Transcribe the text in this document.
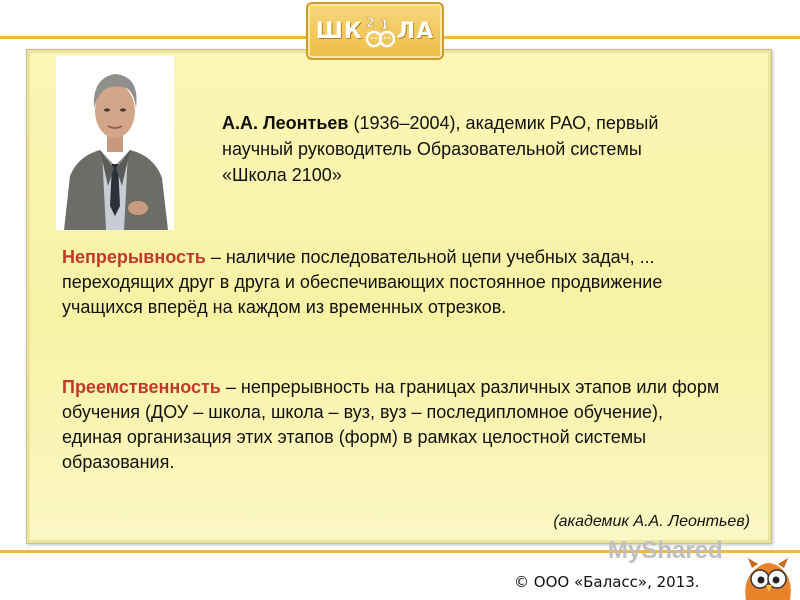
ШК 2 1 ЛА

А.А. Леонтьев (1936–2004), академик РАО, первый научный руководитель Образовательной системы «Школа 2100»

Непрерывность – наличие последовательной цепи учебных задач, ... переходящих друг в друга и обеспечивающих постоянное продвижение учащихся вперёд на каждом из временных отрезков.

Преемственность – непрерывность на границах различных этапов или форм обучения (ДОУ – школа, школа – вуз, вуз – последипломное обучение), единая организация этих этапов (форм) в рамках целостной системы образования.

(академик А.А. Леонтьев)
MyShared
© ООО «Баласс», 2013.
